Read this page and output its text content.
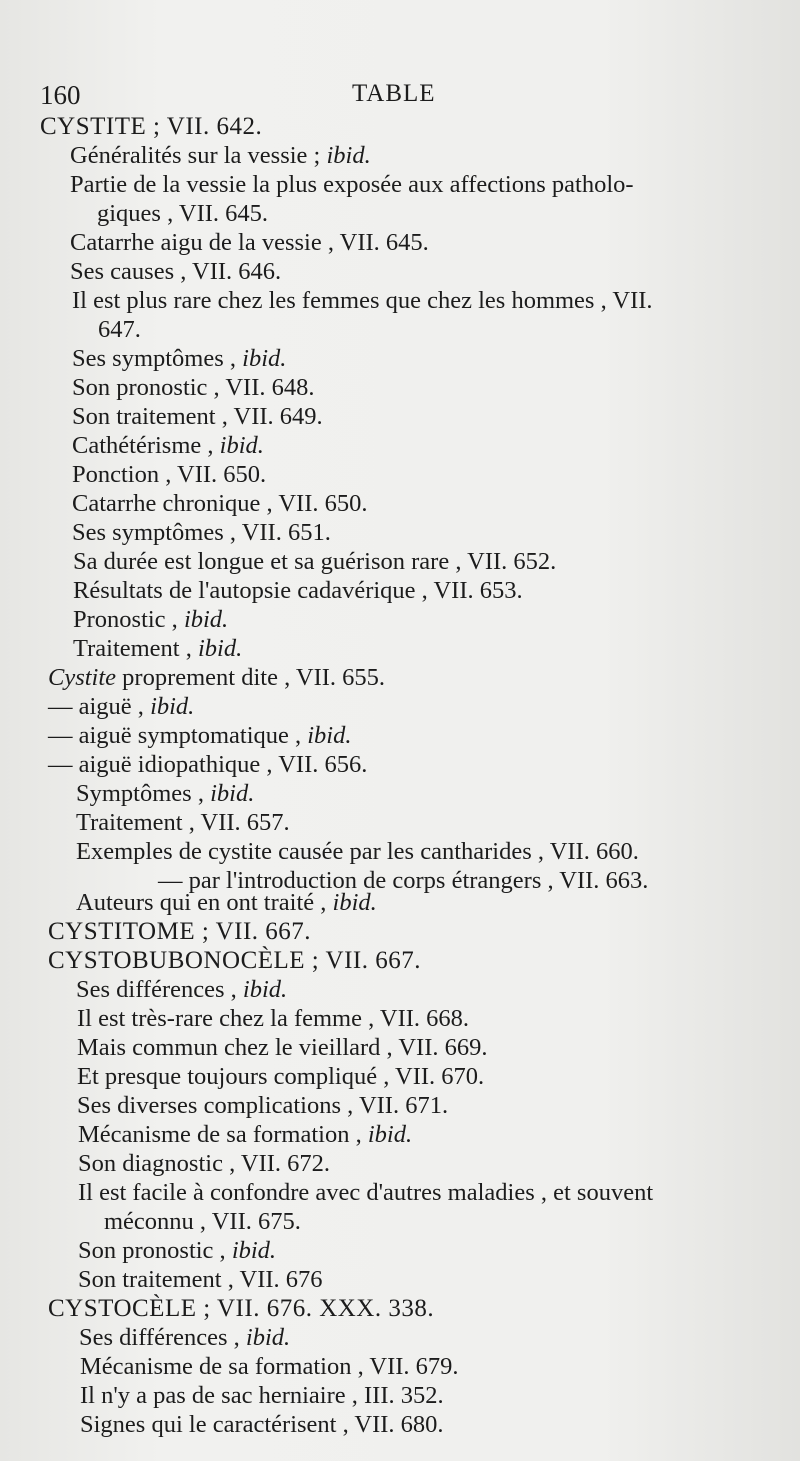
160	TABLE
CYSTITE ; VII. 642.
Généralités sur la vessie ; ibid.
Partie de la vessie la plus exposée aux affections patholo-
giques , VII. 645.
Catarrhe aigu de la vessie , VII. 645.
Ses causes , VII. 646.
Il est plus rare chez les femmes que chez les hommes , VII.
647.
Ses symptômes , ibid.
Son pronostic , VII. 648.
Son traitement , VII. 649.
Cathétérisme , ibid.
Ponction , VII. 650.
Catarrhe chronique , VII. 650.
Ses symptômes , VII. 651.
Sa durée est longue et sa guérison rare , VII. 652.
Résultats de l'autopsie cadavérique , VII. 653.
Pronostic , ibid.
Traitement , ibid.
Cystite proprement dite , VII. 655.
— aiguë , ibid.
— aiguë symptomatique , ibid.
— aiguë idiopathique , VII. 656.
Symptômes , ibid.
Traitement , VII. 657.
Exemples de cystite causée par les cantharides , VII. 660.
— par l'introduction de corps étrangers , VII. 663.
Auteurs qui en ont traité , ibid.
CYSTITOME ; VII. 667.
CYSTOBUBONOCÈLE ; VII. 667.
Ses différences , ibid.
Il est très-rare chez la femme , VII. 668.
Mais commun chez le vieillard , VII. 669.
Et presque toujours compliqué , VII. 670.
Ses diverses complications , VII. 671.
Mécanisme de sa formation , ibid.
Son diagnostic , VII. 672.
Il est facile à confondre avec d'autres maladies , et souvent
méconnu , VII. 675.
Son pronostic , ibid.
Son traitement , VII. 676
CYSTOCÈLE ; VII. 676. XXX. 338.
Ses différences , ibid.
Mécanisme de sa formation , VII. 679.
Il n'y a pas de sac herniaire , III. 352.
Signes qui le caractérisent , VII. 680.
